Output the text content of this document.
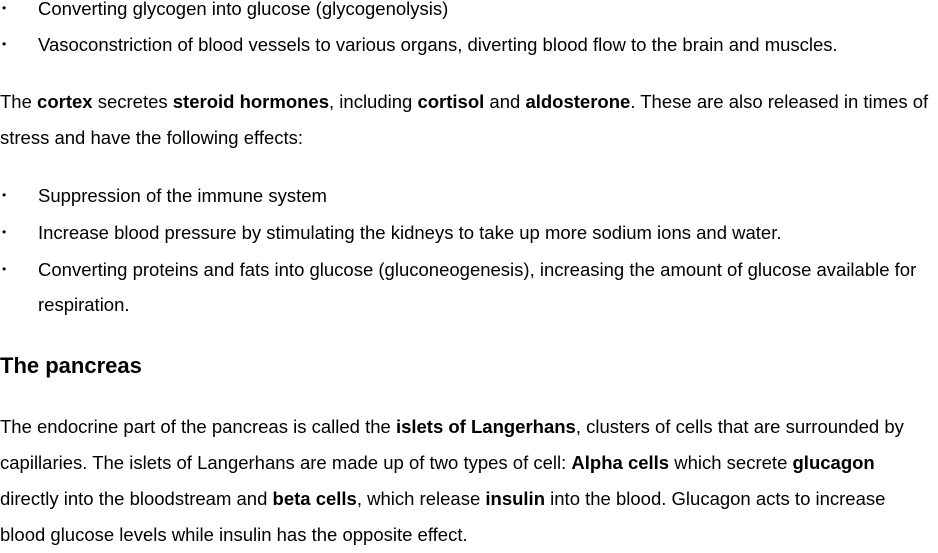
• Converting glycogen into glucose (glycogenolysis)
• Vasoconstriction of blood vessels to various organs, diverting blood flow to the brain and muscles.

The cortex secretes steroid hormones, including cortisol and aldosterone. These are also released in times of stress and have the following effects:

• Suppression of the immune system
• Increase blood pressure by stimulating the kidneys to take up more sodium ions and water.
• Converting proteins and fats into glucose (gluconeogenesis), increasing the amount of glucose available for respiration.
The pancreas

The endocrine part of the pancreas is called the islets of Langerhans, clusters of cells that are surrounded by capillaries. The islets of Langerhans are made up of two types of cell: Alpha cells which secrete glucagon directly into the bloodstream and beta cells, which release insulin into the blood. Glucagon acts to increase blood glucose levels while insulin has the opposite effect.
